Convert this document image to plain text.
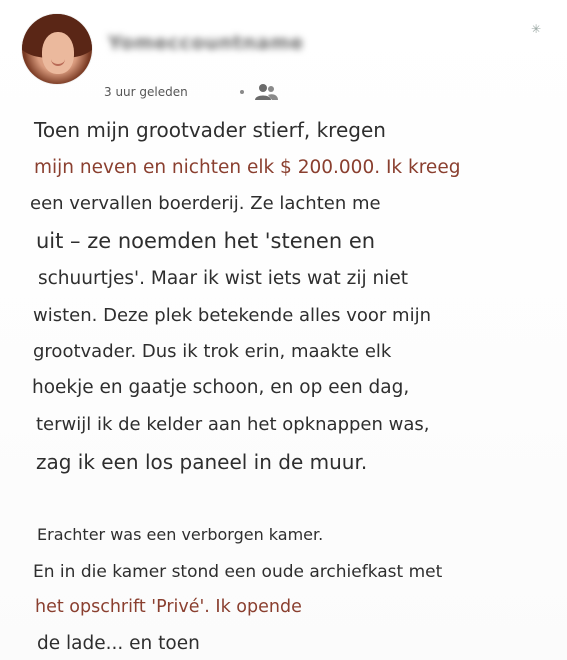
Yomeccountname
3 uur geleden
✳
Toen mijn grootvader stierf, kregen
mijn neven en nichten elk $ 200.000. Ik kreeg
een vervallen boerderij. Ze lachten me
uit – ze noemden het 'stenen en
schuurtjes'. Maar ik wist iets wat zij niet
wisten. Deze plek betekende alles voor mijn
grootvader. Dus ik trok erin, maakte elk
hoekje en gaatje schoon, en op een dag,
terwijl ik de kelder aan het opknappen was,
zag ik een los paneel in de muur.
Erachter was een verborgen kamer.
En in die kamer stond een oude archiefkast met
het opschrift 'Privé'. Ik opende
de lade... en toen
